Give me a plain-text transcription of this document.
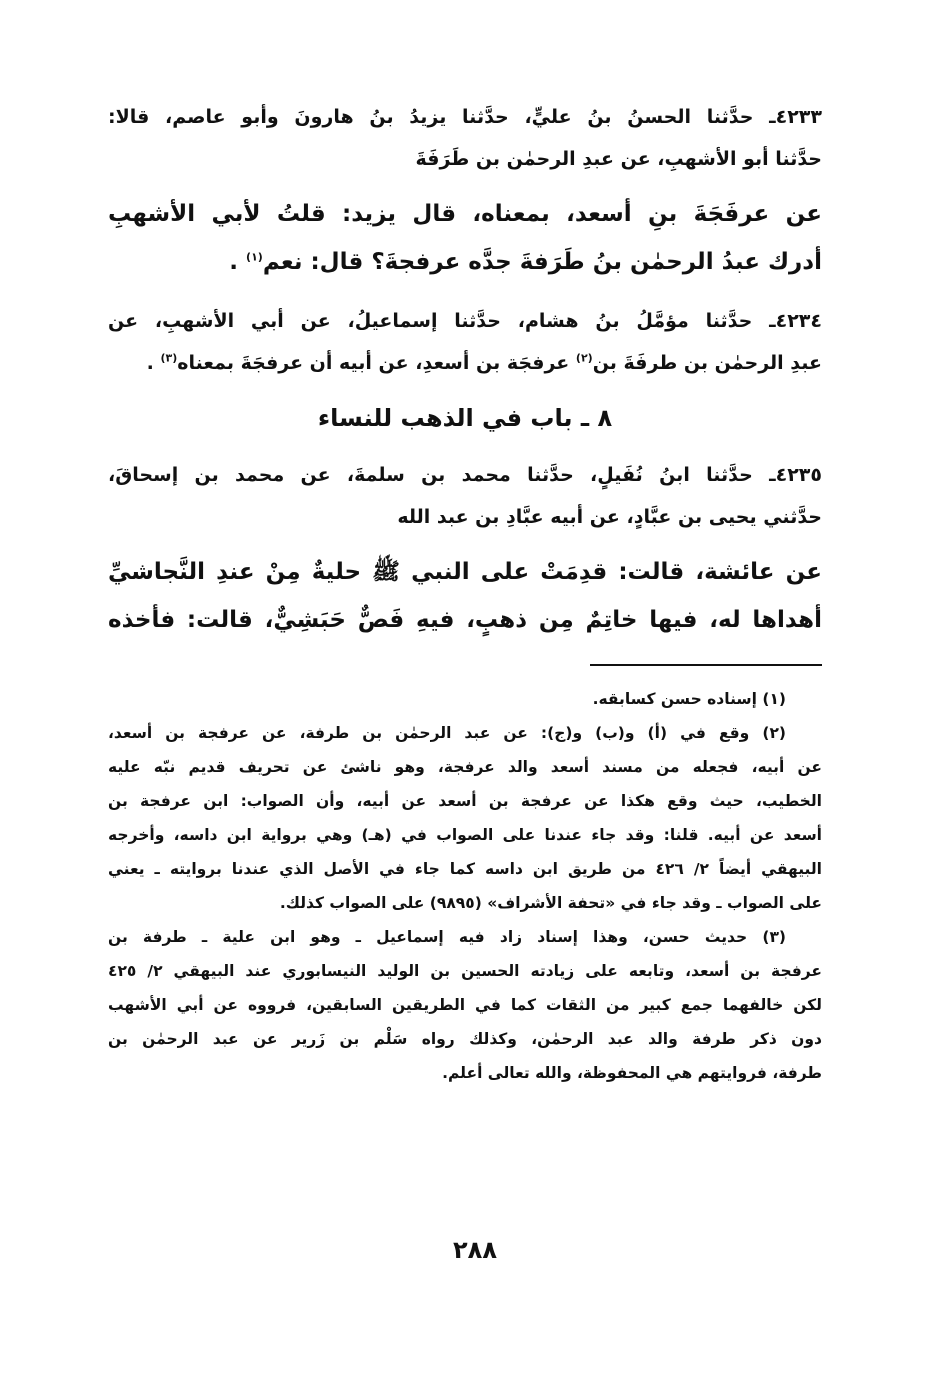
٤٢٣٣ـ حدَّثنا الحسنُ بنُ عليٍّ، حدَّثنا يزيدُ بنُ هارونَ وأبو عاصم، قالا:
حدَّثنا أبو الأشهبِ، عن عبدِ الرحمٰن بن طَرَفَةَ
عن عرفَجَةَ بنِ أسعد، بمعناه، قال يزيد: قلتُ لأبي الأشهبِ
أدرك عبدُ الرحمٰن بنُ طَرَفةَ جدَّه عرفجةَ؟ قال: نعم$^{(١)}$ .
٤٢٣٤ـ حدَّثنا مؤمَّلُ بنُ هشام، حدَّثنا إسماعيلُ، عن أبي الأشهبِ، عن
عبدِ الرحمٰن بن طرفَةَ بن$^{(٢)}$ عرفجَة بن أسعدِ، عن أبيه أن عرفجَةَ بمعناه$^{(٣)}$ .
٨ ـ باب في الذهب للنساء
٤٢٣٥ـ حدَّثنا ابنُ نُفَيلٍ، حدَّثنا محمد بن سلمةَ، عن محمد بن إسحاقَ،
حدَّثني يحيى بن عبَّادٍ، عن أبيه عبَّادِ بن عبد الله
عن عائشة، قالت: قدِمَتْ على النبي ﷺ حليةٌ مِنْ عندِ النَّجاشيِّ
أهداها له، فيها خاتِمٌ مِن ذهبٍ، فيهِ فَصٌّ حَبَشِيٌّ، قالت: فأخذه
(١) إسناده حسن كسابقه.
(٢) وقع في (أ) و(ب) و(ج): عن عبد الرحمٰن بن طرفة، عن عرفجة بن أسعد،
عن أبيه، فجعله من مسند أسعد والد عرفجة، وهو ناشئ عن تحريف قديم نبّه عليه
الخطيب، حيث وقع هكذا عن عرفجة بن أسعد عن أبيه، وأن الصواب: ابن عرفجة بن
أسعد عن أبيه. قلنا: وقد جاء عندنا على الصواب في (هـ) وهي برواية ابن داسه، وأخرجه
البيهقي أيضاً ٢/ ٤٢٦ من طريق ابن داسه كما جاء في الأصل الذي عندنا بروايته ـ يعني
على الصواب ـ وقد جاء في «تحفة الأشراف» (٩٨٩٥) على الصواب كذلك.
(٣) حديث حسن، وهذا إسناد زاد فيه إسماعيل ـ وهو ابن علية ـ طرفة بن
عرفجة بن أسعد، وتابعه على زيادته الحسين بن الوليد النيسابوري عند البيهقي ٢/ ٤٢٥
لكن خالفهما جمع كبير من الثقات كما في الطريقين السابقين، فرووه عن أبي الأشهب
دون ذكر طرفة والد عبد الرحمٰن، وكذلك رواه سَلْم بن زَرير عن عبد الرحمٰن بن
طرفة، فروايتهم هي المحفوظة، والله تعالى أعلم.
٢٨٨
